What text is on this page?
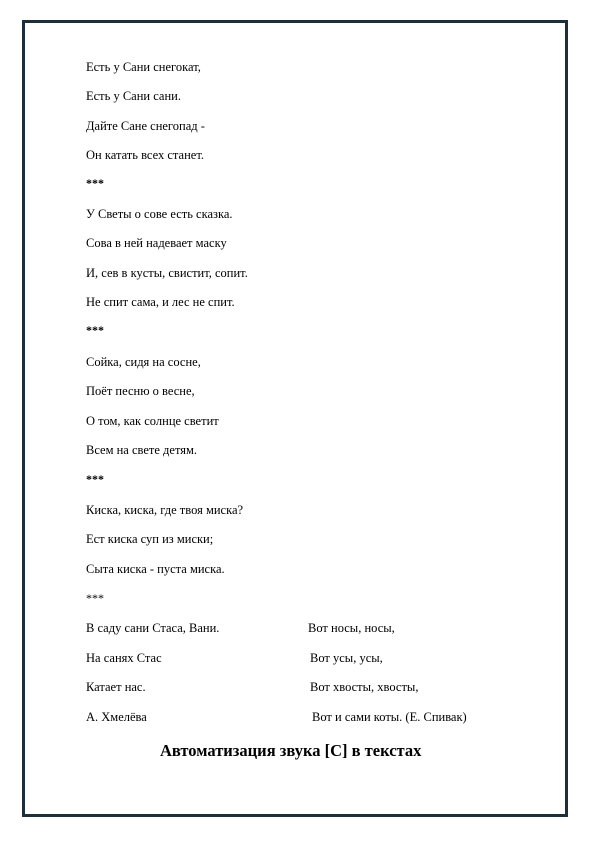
Есть у Сани снегокат,
Есть у Сани сани.
Дайте Сане снегопад -
Он катать всех станет.
***
У Светы о сове есть сказка.
Сова в ней надевает маску
И, сев в кусты, свистит, сопит.
Не спит сама, и лес не спит.
***
Сойка, сидя на сосне,
Поёт песню о весне,
О том, как солнце светит
Всем на свете детям.
***
Киска, киска, где твоя миска?
Ест киска суп из миски;
Сыта киска - пуста миска.
***
В саду сани Стаса, Вани.
На санях Стас
Катает нас.
А. Хмелёва
Вот носы, носы,
Вот усы, усы,
Вот хвосты, хвосты,
Вот и сами коты. (Е. Спивак)
Автоматизация звука [С] в текстах
